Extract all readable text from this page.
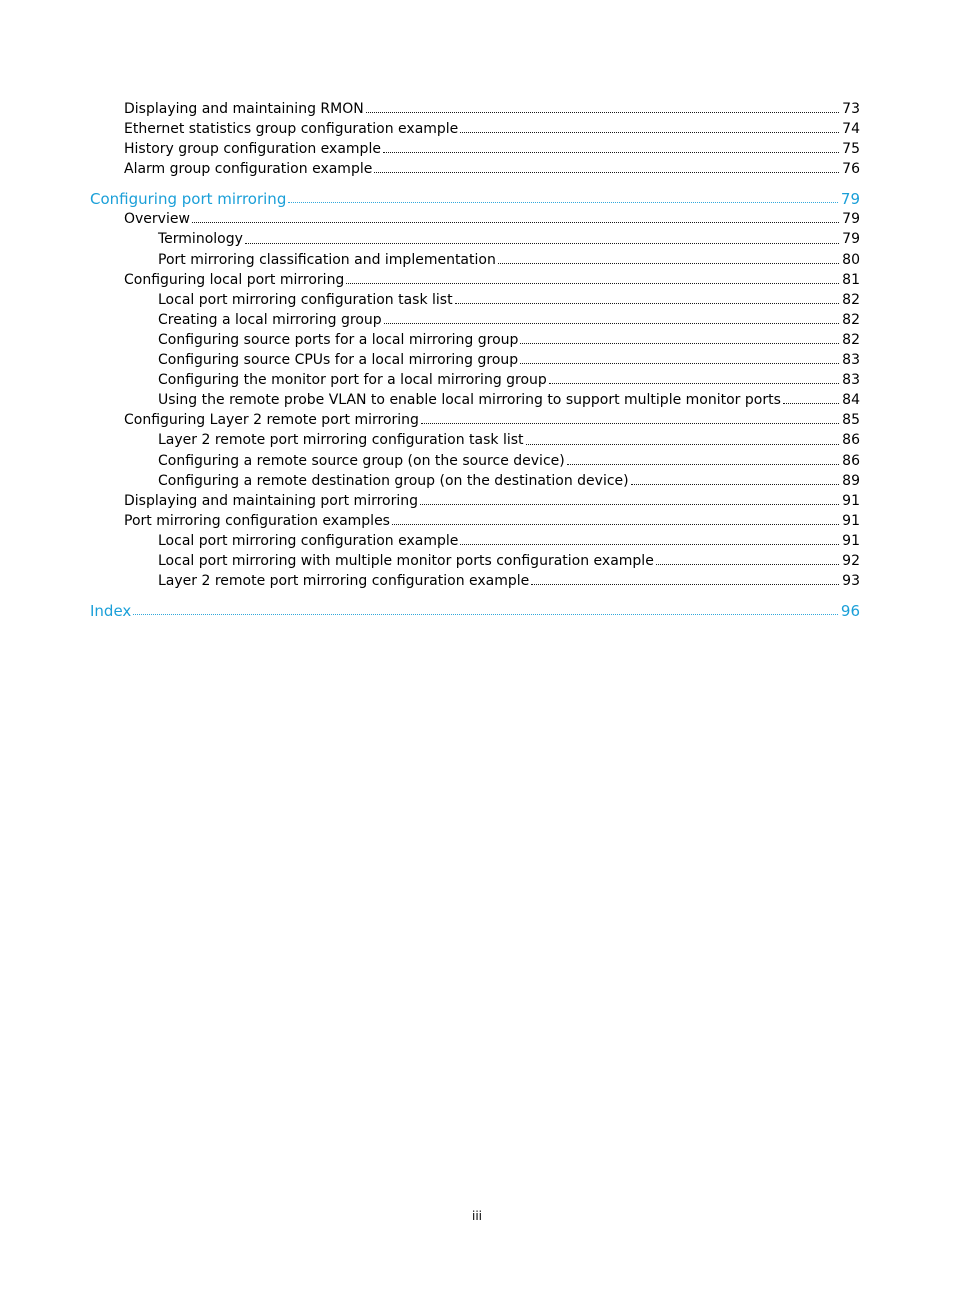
Displaying and maintaining RMON	73
Ethernet statistics group configuration example	74
History group configuration example	75
Alarm group configuration example	76
Configuring port mirroring	79
Overview	79
Terminology	79
Port mirroring classification and implementation	80
Configuring local port mirroring	81
Local port mirroring configuration task list	82
Creating a local mirroring group	82
Configuring source ports for a local mirroring group	82
Configuring source CPUs for a local mirroring group	83
Configuring the monitor port for a local mirroring group	83
Using the remote probe VLAN to enable local mirroring to support multiple monitor ports	84
Configuring Layer 2 remote port mirroring	85
Layer 2 remote port mirroring configuration task list	86
Configuring a remote source group (on the source device)	86
Configuring a remote destination group (on the destination device)	89
Displaying and maintaining port mirroring	91
Port mirroring configuration examples	91
Local port mirroring configuration example	91
Local port mirroring with multiple monitor ports configuration example	92
Layer 2 remote port mirroring configuration example	93
Index	96
iii
